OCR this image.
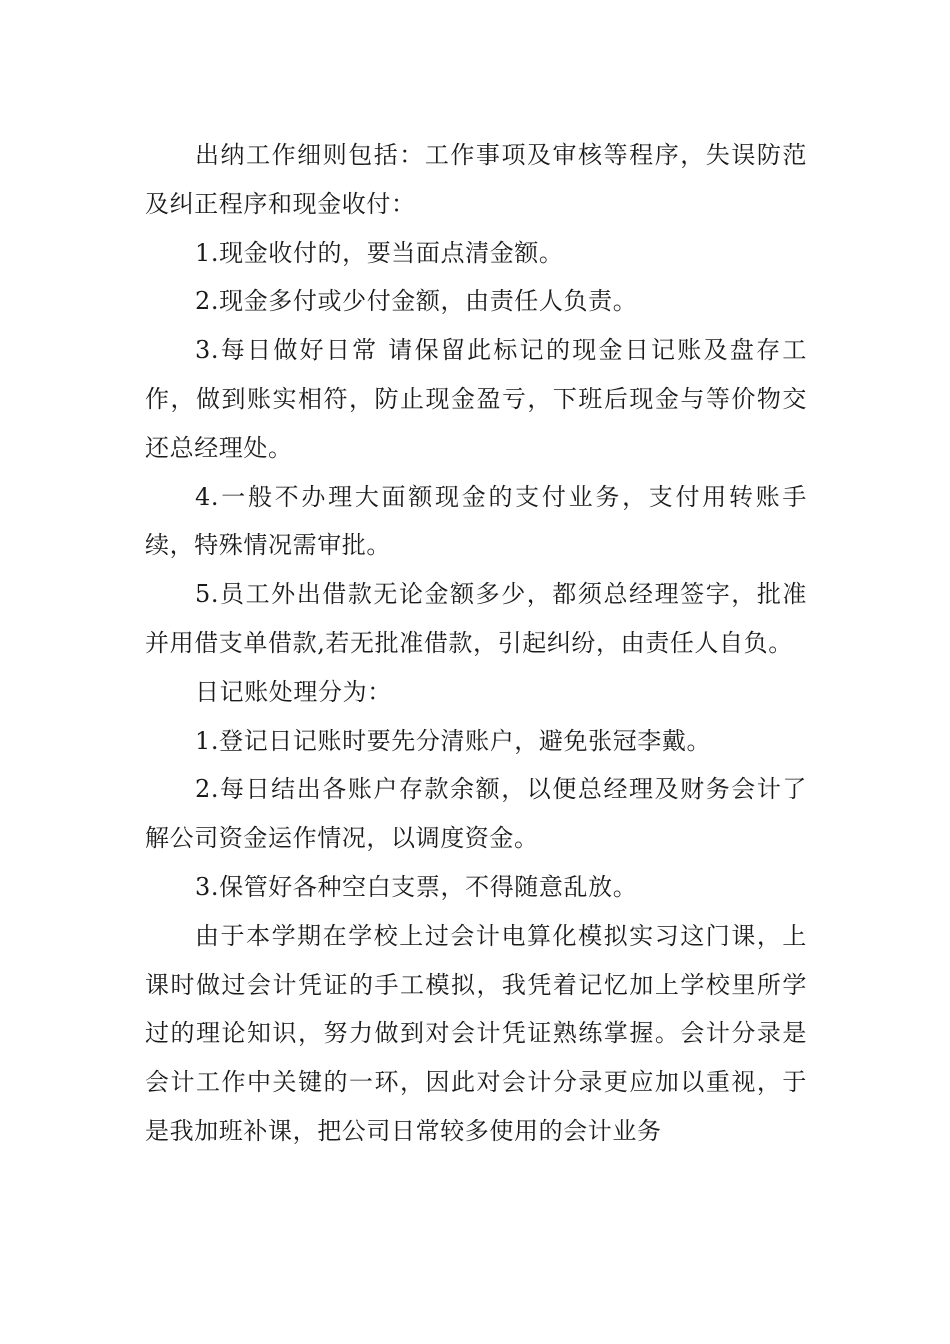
出纳工作细则包括：工作事项及审核等程序，失误防范及纠正程序和现金收付：

1.现金收付的，要当面点清金额。

2.现金多付或少付金额，由责任人负责。

3.每日做好日常 请保留此标记的现金日记账及盘存工作，做到账实相符，防止现金盈亏，下班后现金与等价物交还总经理处。

4.一般不办理大面额现金的支付业务，支付用转账手续，特殊情况需审批。

5.员工外出借款无论金额多少，都须总经理签字，批准并用借支单借款,若无批准借款，引起纠纷，由责任人自负。

日记账处理分为：

1.登记日记账时要先分清账户，避免张冠李戴。

2.每日结出各账户存款余额，以便总经理及财务会计了解公司资金运作情况，以调度资金。

3.保管好各种空白支票，不得随意乱放。

由于本学期在学校上过会计电算化模拟实习这门课，上课时做过会计凭证的手工模拟，我凭着记忆加上学校里所学过的理论知识，努力做到对会计凭证熟练掌握。会计分录是会计工作中关键的一环，因此对会计分录更应加以重视，于是我加班补课，把公司日常较多使用的会计业务
